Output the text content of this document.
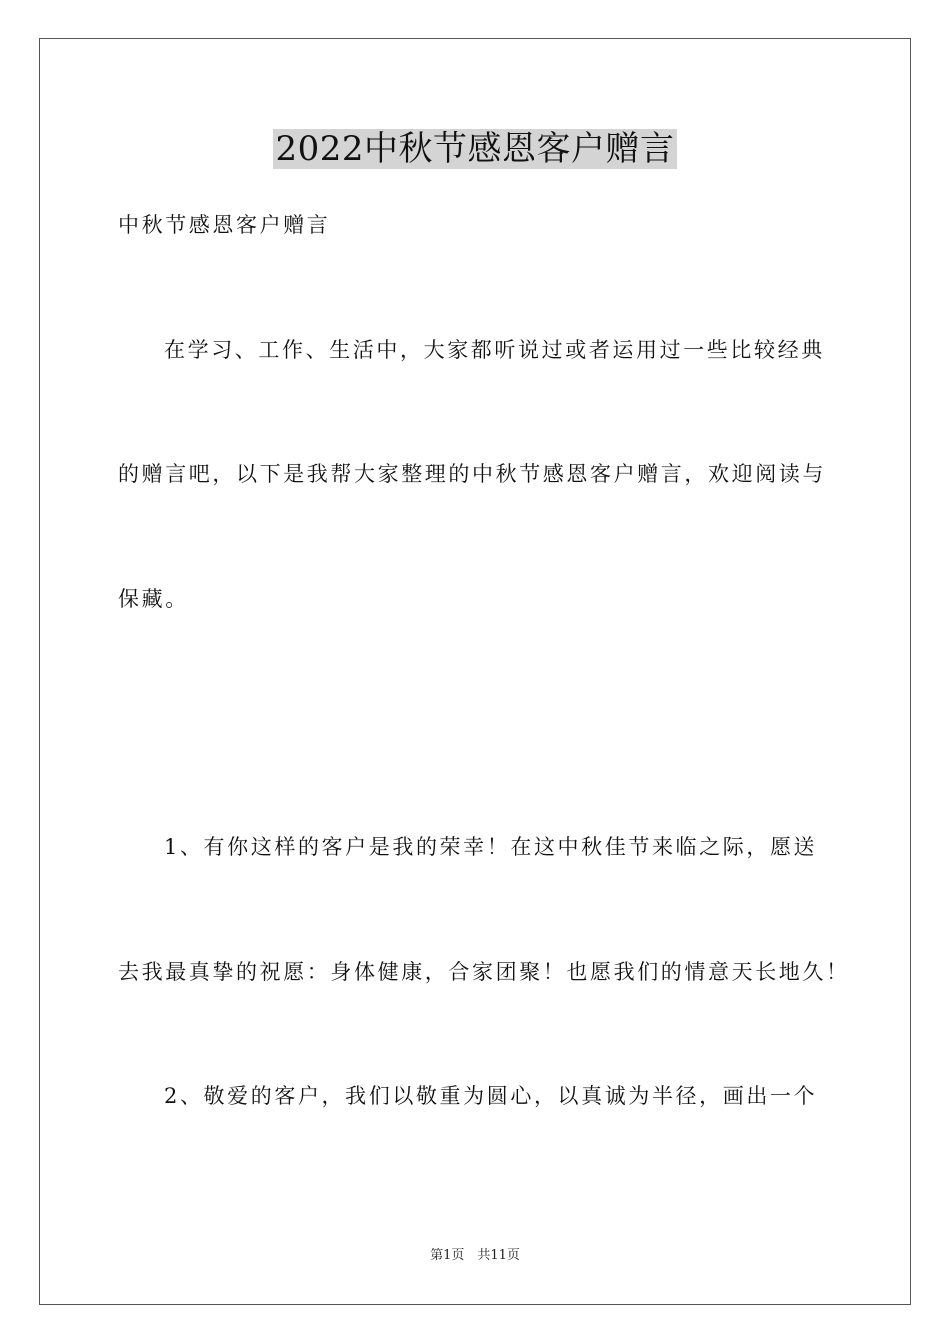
2022中秋节感恩客户赠言
中秋节感恩客户赠言
在学习、工作、生活中，大家都听说过或者运用过一些比较经典
的赠言吧，以下是我帮大家整理的中秋节感恩客户赠言，欢迎阅读与
保藏。
1、有你这样的客户是我的荣幸！在这中秋佳节来临之际，愿送
去我最真挚的祝愿：身体健康，合家团聚！也愿我们的情意天长地久！
2、敬爱的客户，我们以敬重为圆心，以真诚为半径，画出一个
第1页　共11页
